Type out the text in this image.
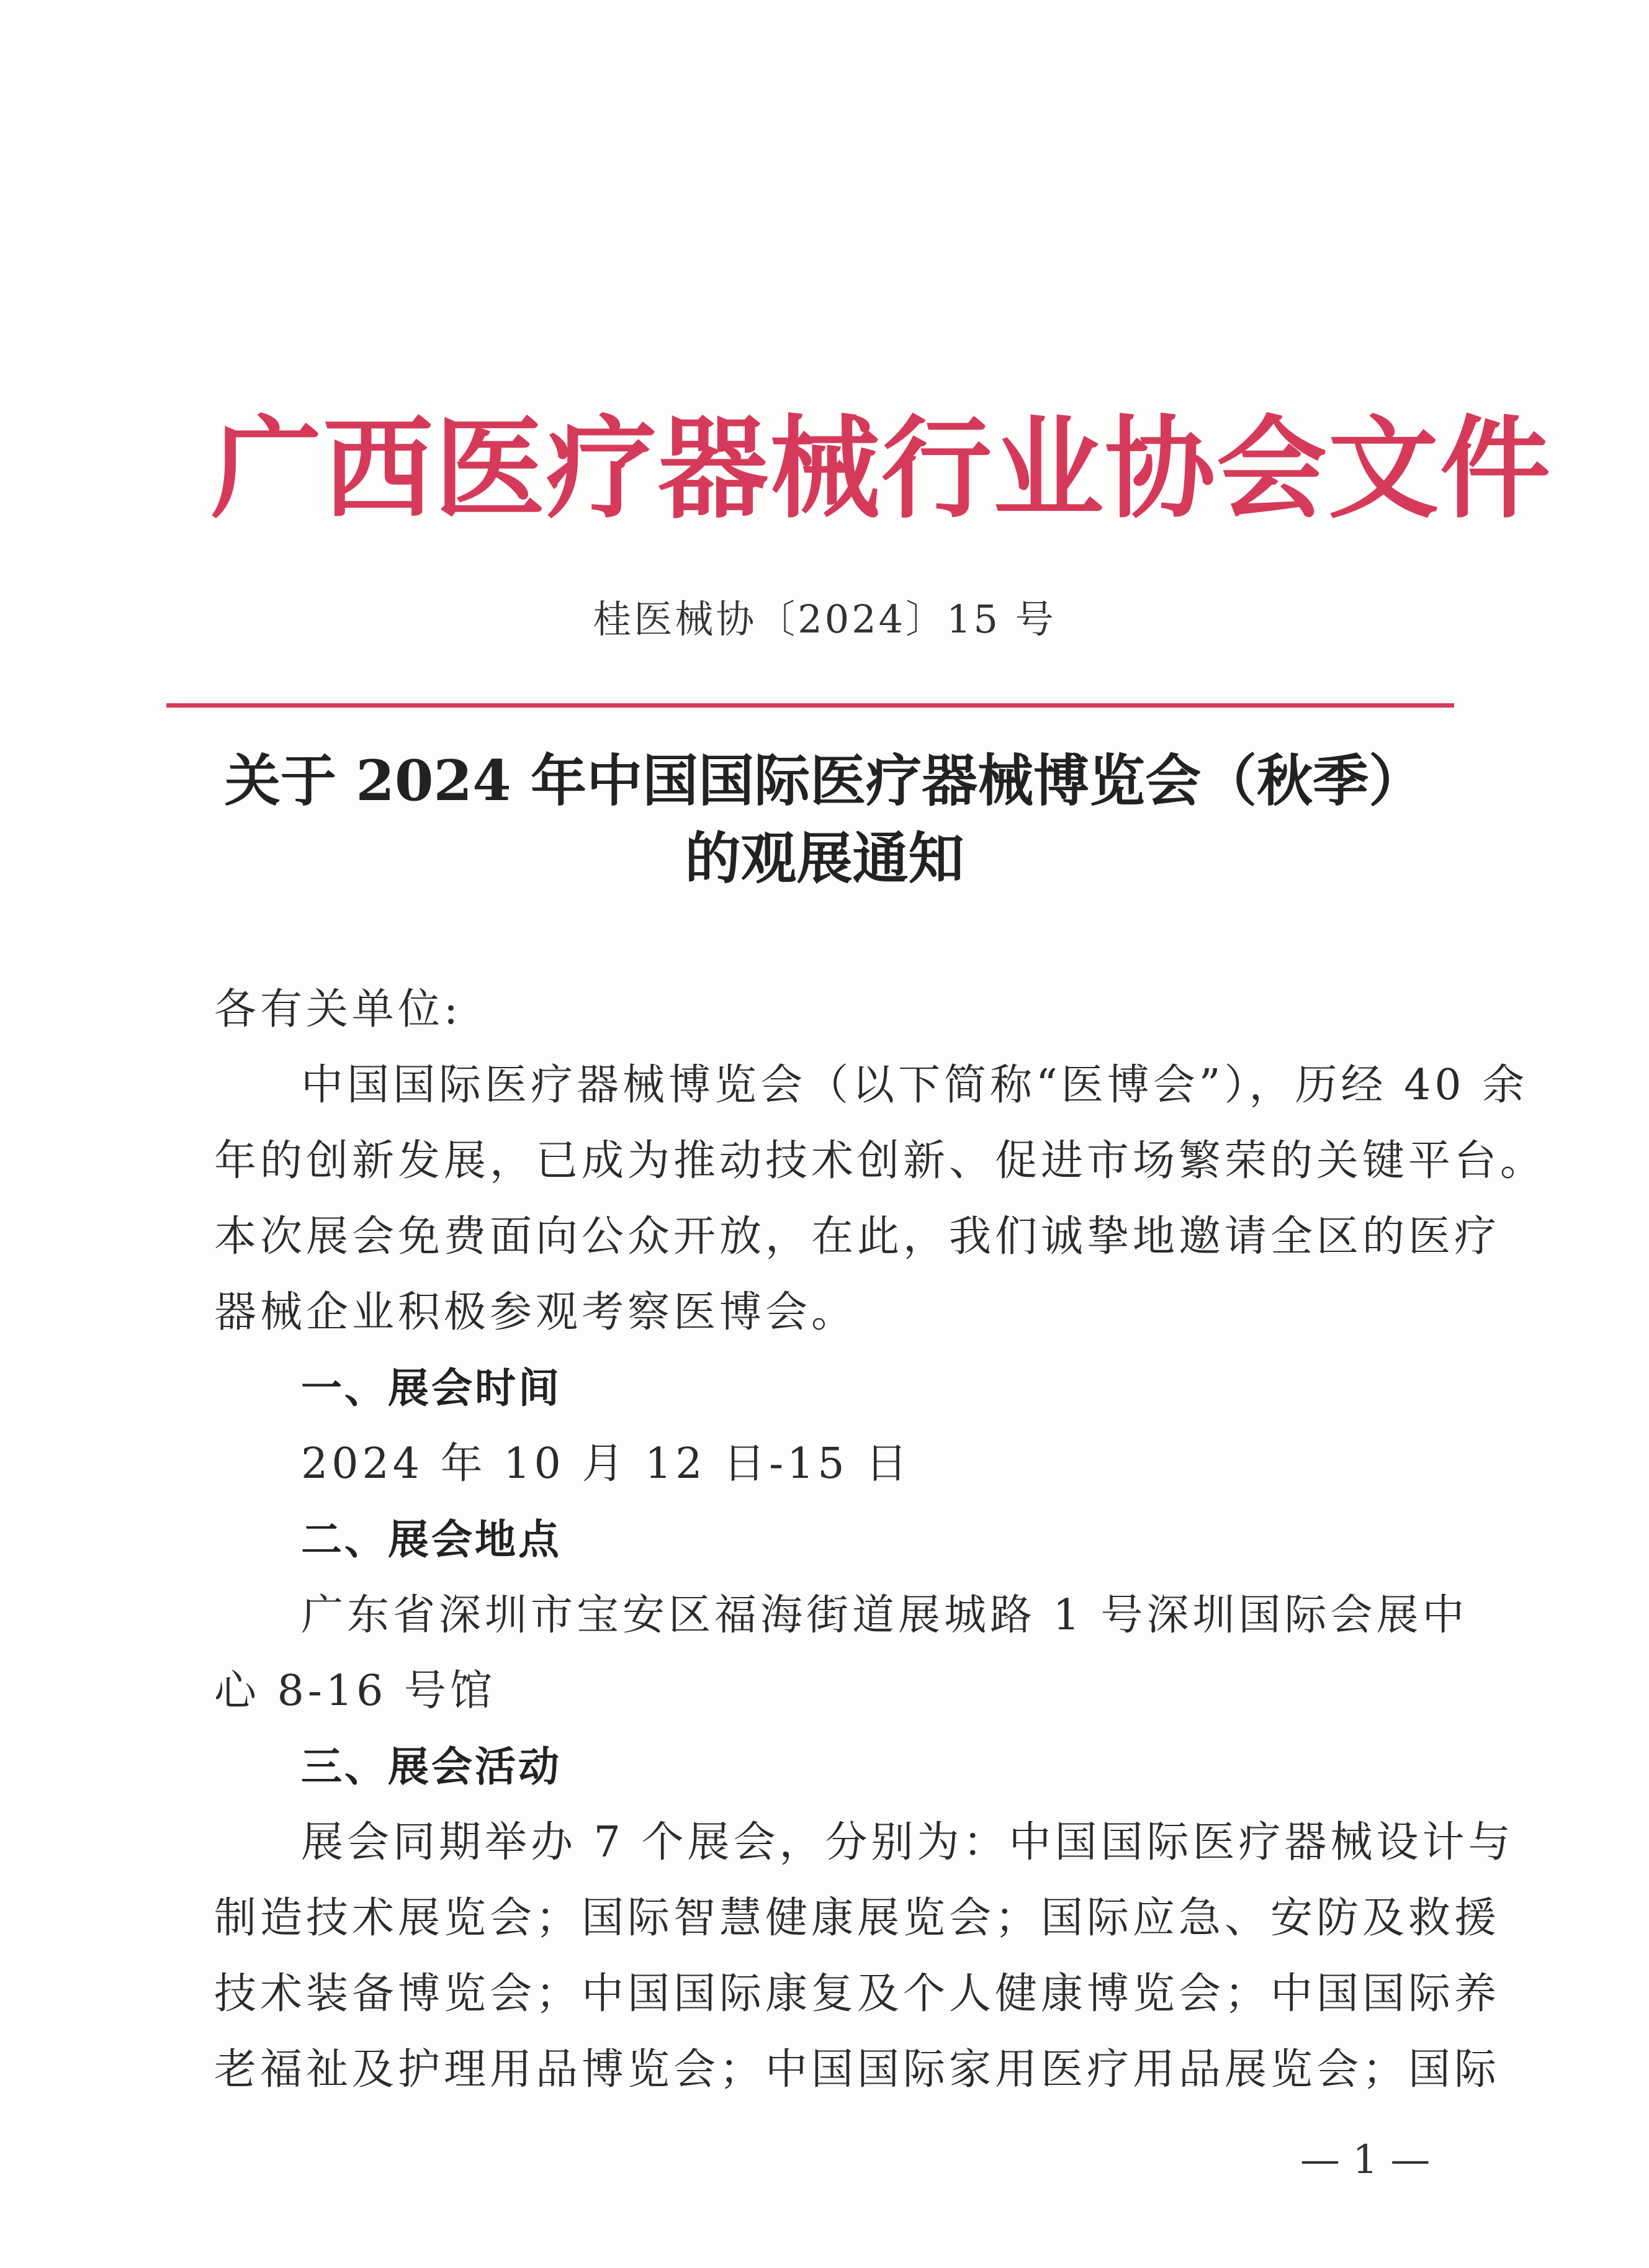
广西医疗器械行业协会文件
桂医械协〔2024〕15 号
关于 2024 年中国国际医疗器械博览会（秋季）
的观展通知
各有关单位:
中国国际医疗器械博览会（以下简称“医博会”），历经 40 余
年的创新发展，已成为推动技术创新、促进市场繁荣的关键平台。
本次展会免费面向公众开放，在此，我们诚挚地邀请全区的医疗
器械企业积极参观考察医博会。
一、展会时间
2024 年 10 月 12 日-15 日
二、展会地点
广东省深圳市宝安区福海街道展城路 1 号深圳国际会展中
心 8-16 号馆
三、展会活动
展会同期举办 7 个展会，分别为：中国国际医疗器械设计与
制造技术展览会；国际智慧健康展览会；国际应急、安防及救援
技术装备博览会；中国国际康复及个人健康博览会；中国国际养
老福祉及护理用品博览会；中国国际家用医疗用品展览会；国际
— 1 —
